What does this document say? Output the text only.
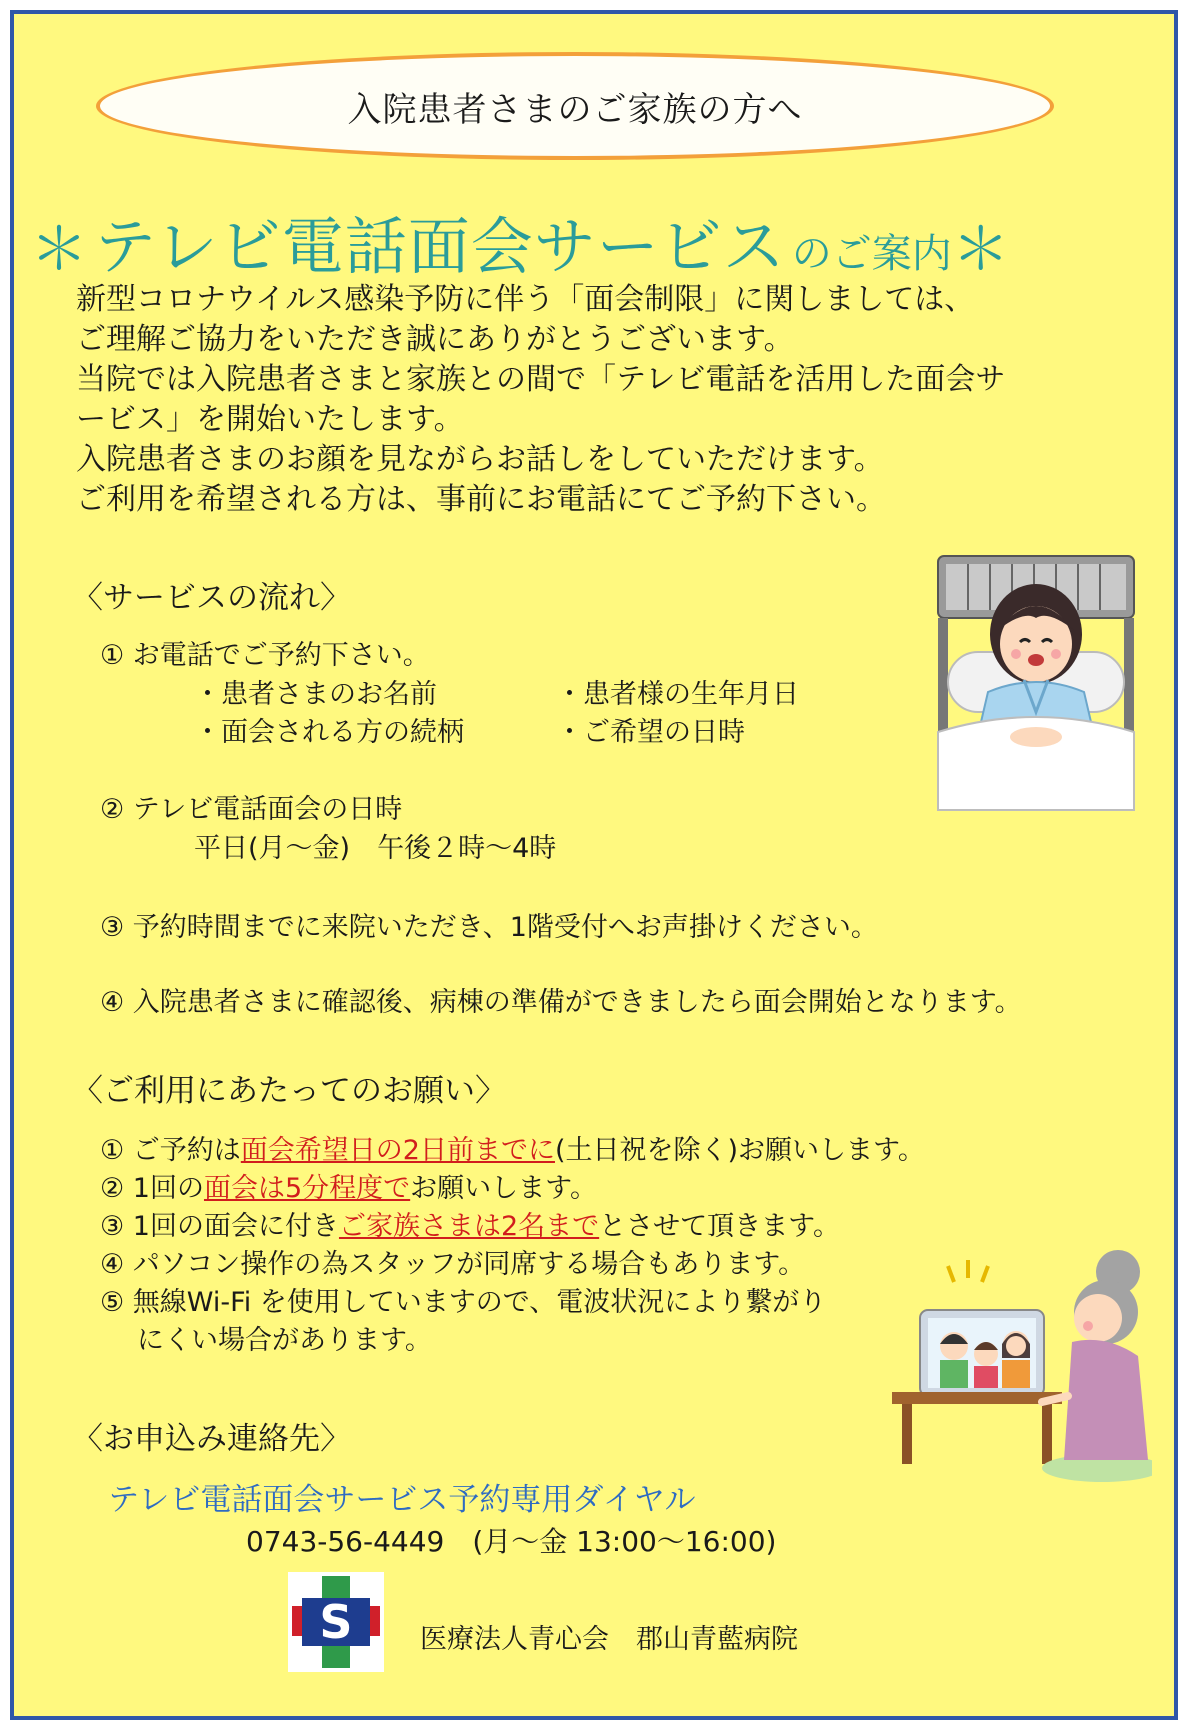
入院患者さまのご家族の方へ
＊ テレビ電話面会サービス のご案内 ＊
新型コロナウイルス感染予防に伴う「面会制限」に関しましては、
ご理解ご協力をいただき誠にありがとうございます。
当院では入院患者さまと家族との間で「テレビ電話を活用した面会サ
ービス」を開始いたします。
入院患者さまのお顔を見ながらお話しをしていただけます。
ご利用を希望される方は、事前にお電話にてご予約下さい。
〈サービスの流れ〉
① お電話でご予約下さい。
・患者さまのお名前	・患者様の生年月日
・面会される方の続柄	・ご希望の日時
② テレビ電話面会の日時
平日(月～金)　午後２時～4時
③ 予約時間までに来院いただき、1階受付へお声掛けください。
④ 入院患者さまに確認後、病棟の準備ができましたら面会開始となります。
〈ご利用にあたってのお願い〉
① ご予約は面会希望日の2日前までに(土日祝を除く)お願いします。
② 1回の面会は5分程度でお願いします。
③ 1回の面会に付きご家族さまは2名までとさせて頂きます。
④ パソコン操作の為スタッフが同席する場合もあります。
⑤ 無線Wi-Fi を使用していますので、電波状況により繋がり
にくい場合があります。
〈お申込み連絡先〉
テレビ電話面会サービス予約専用ダイヤル
0743-56-4449　(月～金 13:00～16:00)
S 医療法人青心会　郡山青藍病院
